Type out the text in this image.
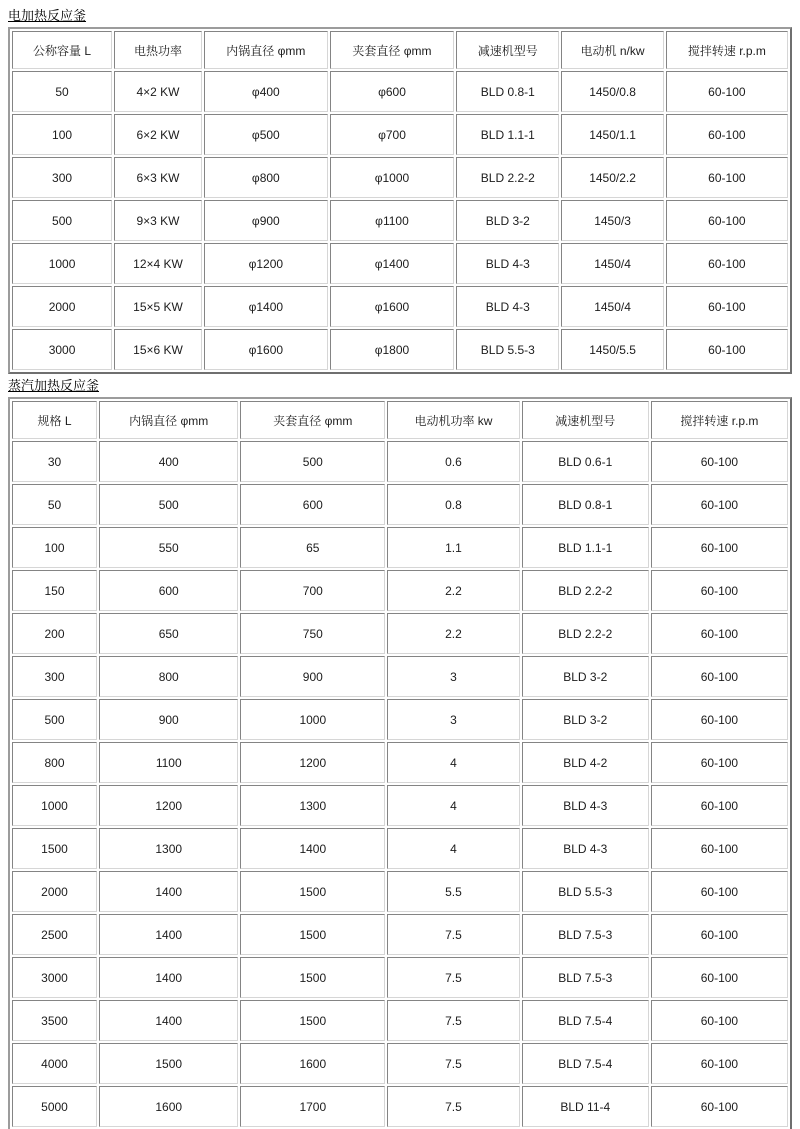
电加热反应釜
公称容量 L	电热功率	内锅直径 φmm	夹套直径 φmm	减速机型号	电动机 n/kw	搅拌转速 r.p.m
50	4×2 KW	φ400	φ600	BLD 0.8-1	1450/0.8	60-100
100	6×2 KW	φ500	φ700	BLD 1.1-1	1450/1.1	60-100
300	6×3 KW	φ800	φ1000	BLD 2.2-2	1450/2.2	60-100
500	9×3 KW	φ900	φ1100	BLD 3-2	1450/3	60-100
1000	12×4 KW	φ1200	φ1400	BLD 4-3	1450/4	60-100
2000	15×5 KW	φ1400	φ1600	BLD 4-3	1450/4	60-100
3000	15×6 KW	φ1600	φ1800	BLD 5.5-3	1450/5.5	60-100
蒸汽加热反应釜
规格 L	内锅直径 φmm	夹套直径 φmm	电动机功率 kw	减速机型号	搅拌转速 r.p.m
30	400	500	0.6	BLD 0.6-1	60-100
50	500	600	0.8	BLD 0.8-1	60-100
100	550	65	1.1	BLD 1.1-1	60-100
150	600	700	2.2	BLD 2.2-2	60-100
200	650	750	2.2	BLD 2.2-2	60-100
300	800	900	3	BLD 3-2	60-100
500	900	1000	3	BLD 3-2	60-100
800	1100	1200	4	BLD 4-2	60-100
1000	1200	1300	4	BLD 4-3	60-100
1500	1300	1400	4	BLD 4-3	60-100
2000	1400	1500	5.5	BLD 5.5-3	60-100
2500	1400	1500	7.5	BLD 7.5-3	60-100
3000	1400	1500	7.5	BLD 7.5-3	60-100
3500	1400	1500	7.5	BLD 7.5-4	60-100
4000	1500	1600	7.5	BLD 7.5-4	60-100
5000	1600	1700	7.5	BLD 11-4	60-100
